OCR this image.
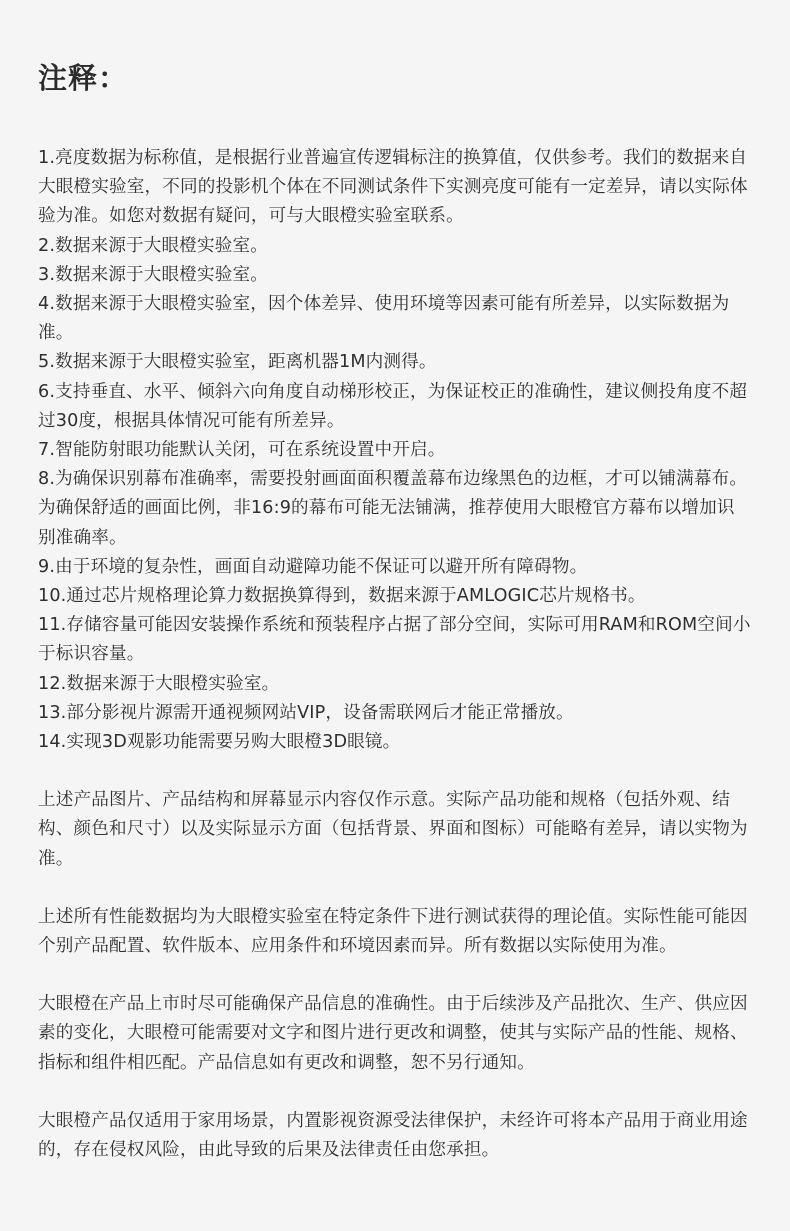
注释：

1.亮度数据为标称值，是根据行业普遍宣传逻辑标注的换算值，仅供参考。我们的数据来自大眼橙实验室，不同的投影机个体在不同测试条件下实测亮度可能有一定差异，请以实际体验为准。如您对数据有疑问，可与大眼橙实验室联系。

2.数据来源于大眼橙实验室。

3.数据来源于大眼橙实验室。

4.数据来源于大眼橙实验室，因个体差异、使用环境等因素可能有所差异，以实际数据为准。

5.数据来源于大眼橙实验室，距离机器1M内测得。

6.支持垂直、水平、倾斜六向角度自动梯形校正，为保证校正的准确性，建议侧投角度不超过30度，根据具体情况可能有所差异。

7.智能防射眼功能默认关闭，可在系统设置中开启。

8.为确保识别幕布准确率，需要投射画面面积覆盖幕布边缘黑色的边框，才可以铺满幕布。为确保舒适的画面比例，非16:9的幕布可能无法铺满，推荐使用大眼橙官方幕布以增加识别准确率。

9.由于环境的复杂性，画面自动避障功能不保证可以避开所有障碍物。

10.通过芯片规格理论算力数据换算得到，数据来源于AMLOGIC芯片规格书。

11.存储容量可能因安装操作系统和预装程序占据了部分空间，实际可用RAM和ROM空间小于标识容量。

12.数据来源于大眼橙实验室。

13.部分影视片源需开通视频网站VIP，设备需联网后才能正常播放。

14.实现3D观影功能需要另购大眼橙3D眼镜。

上述产品图片、产品结构和屏幕显示内容仅作示意。实际产品功能和规格（包括外观、结构、颜色和尺寸）以及实际显示方面（包括背景、界面和图标）可能略有差异，请以实物为准。

上述所有性能数据均为大眼橙实验室在特定条件下进行测试获得的理论值。实际性能可能因个别产品配置、软件版本、应用条件和环境因素而异。所有数据以实际使用为准。

大眼橙在产品上市时尽可能确保产品信息的准确性。由于后续涉及产品批次、生产、供应因素的变化，大眼橙可能需要对文字和图片进行更改和调整，使其与实际产品的性能、规格、指标和组件相匹配。产品信息如有更改和调整，恕不另行通知。

大眼橙产品仅适用于家用场景，内置影视资源受法律保护，未经许可将本产品用于商业用途的，存在侵权风险，由此导致的后果及法律责任由您承担。
